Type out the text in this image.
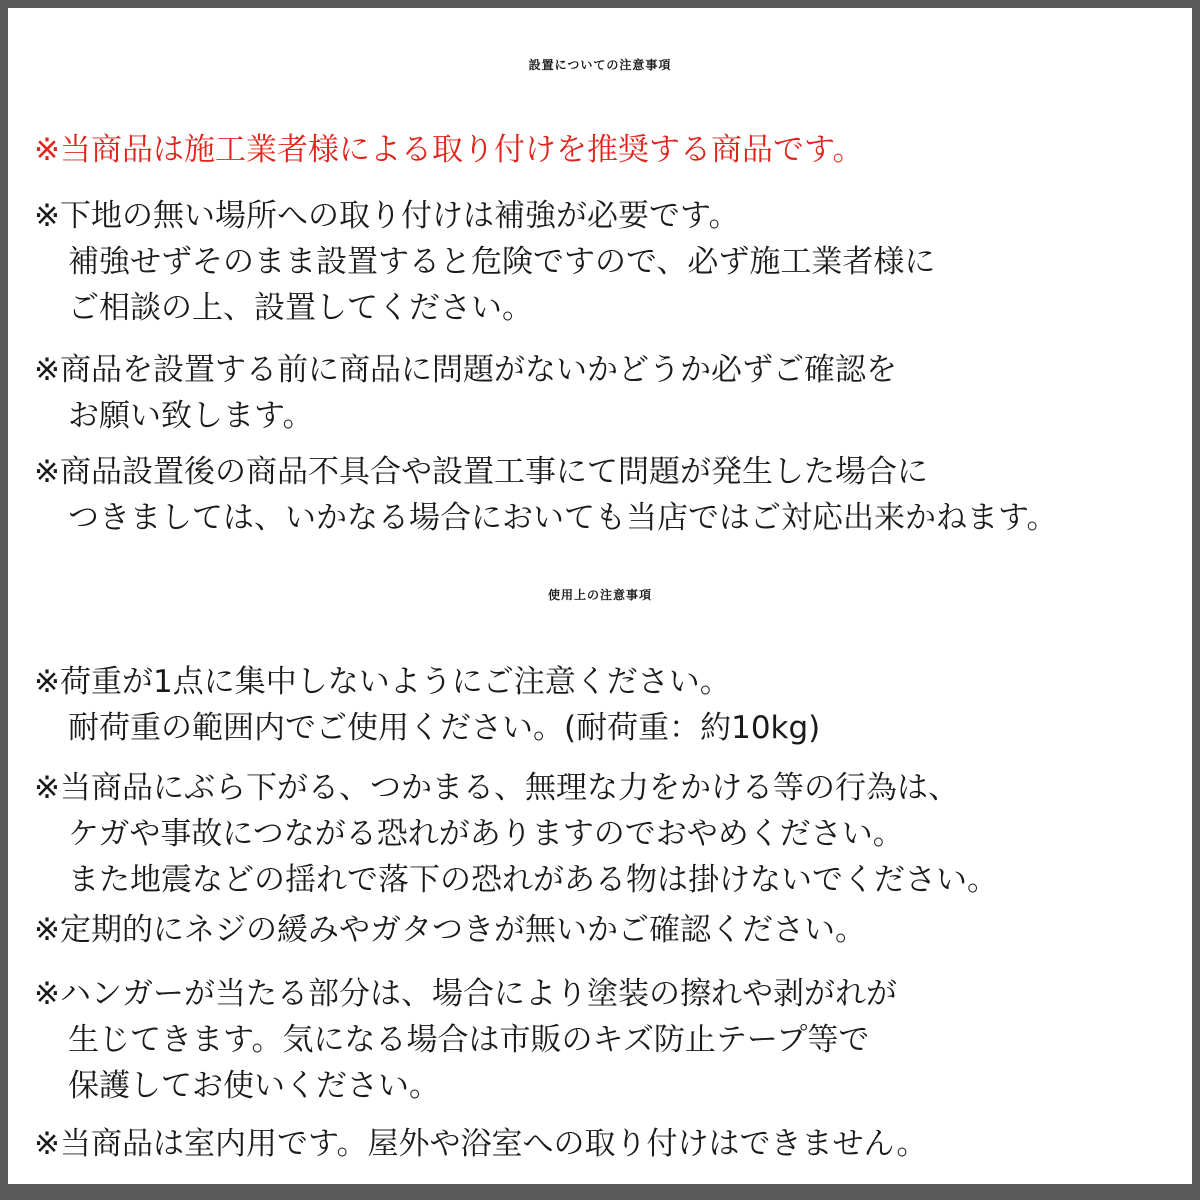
設置についての注意事項
※当商品は施工業者様による取り付けを推奨する商品です。
※下地の無い場所への取り付けは補強が必要です。
補強せずそのまま設置すると危険ですので、必ず施工業者様に
ご相談の上、設置してください。
※商品を設置する前に商品に問題がないかどうか必ずご確認を
お願い致します。
※商品設置後の商品不具合や設置工事にて問題が発生した場合に
つきましては、いかなる場合においても当店ではご対応出来かねます。
使用上の注意事項
※荷重が1点に集中しないようにご注意ください。
耐荷重の範囲内でご使用ください。(耐荷重：約10kg)
※当商品にぶら下がる、つかまる、無理な力をかける等の行為は、
ケガや事故につながる恐れがありますのでおやめください。
また地震などの揺れで落下の恐れがある物は掛けないでください。
※定期的にネジの緩みやガタつきが無いかご確認ください。
※ハンガーが当たる部分は、場合により塗装の擦れや剥がれが
生じてきます。気になる場合は市販のキズ防止テープ等で
保護してお使いください。
※当商品は室内用です。屋外や浴室への取り付けはできません。
